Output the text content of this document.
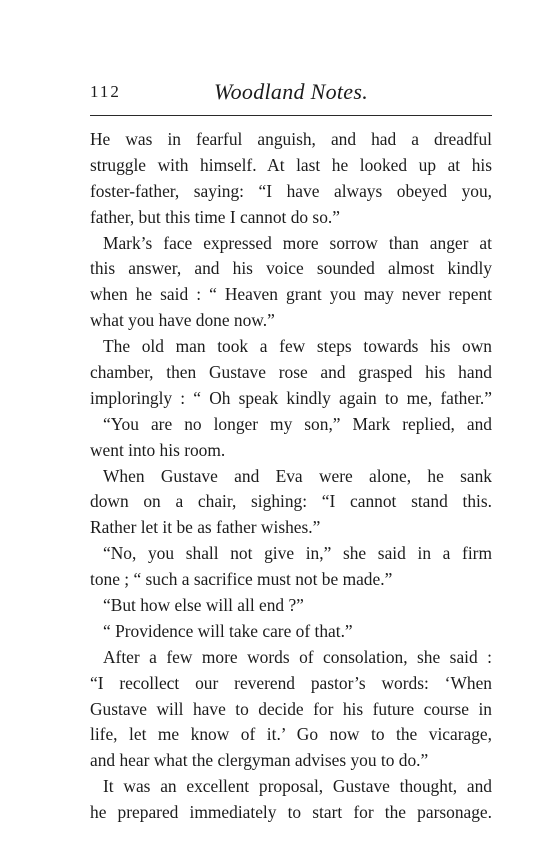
112	Woodland Notes.
He was in fearful anguish, and had a dreadful
struggle with himself. At last he looked up at his
foster-father, saying: “I have always obeyed you,
father, but this time I cannot do so.”
Mark’s face expressed more sorrow than anger at
this answer, and his voice sounded almost kindly
when he said : “ Heaven grant you may never repent
what you have done now.”
The old man took a few steps towards his own
chamber, then Gustave rose and grasped his hand
imploringly : “ Oh speak kindly again to me, father.”
“You are no longer my son,” Mark replied, and
went into his room.
When Gustave and Eva were alone, he sank
down on a chair, sighing: “I cannot stand this.
Rather let it be as father wishes.”
“No, you shall not give in,” she said in a firm
tone ; “ such a sacrifice must not be made.”
“But how else will all end ?”
“ Providence will take care of that.”
After a few more words of consolation, she said :
“I recollect our reverend pastor’s words: ‘When
Gustave will have to decide for his future course in
life, let me know of it.’ Go now to the vicarage,
and hear what the clergyman advises you to do.”
It was an excellent proposal, Gustave thought, and
he prepared immediately to start for the parsonage.
